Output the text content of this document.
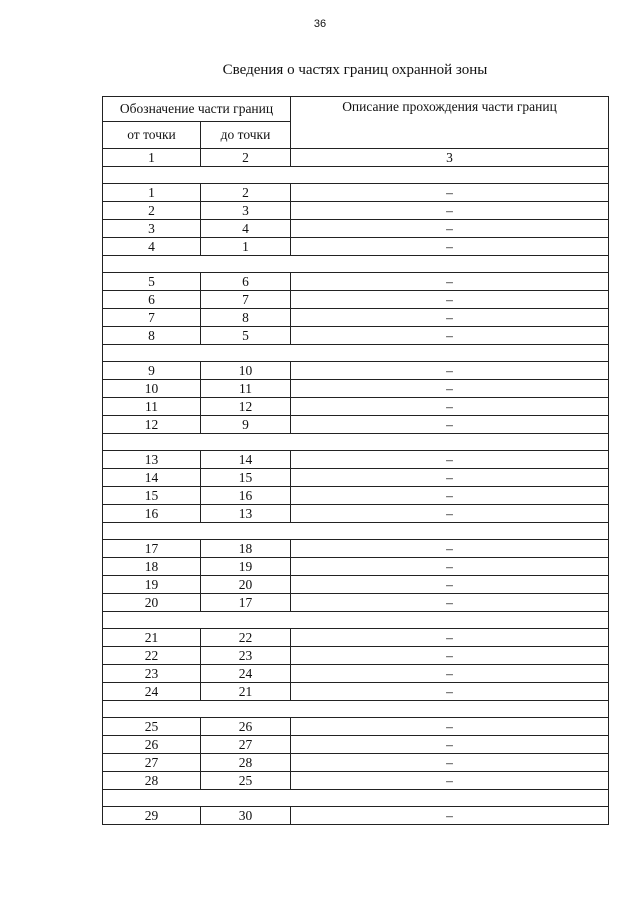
36
Сведения о частях границ охранной зоны
Обозначение части границ		Описание прохождения части границ
от точки	до точки	
1	2	3

1	2	–
2	3	–
3	4	–
4	1	–

5	6	–
6	7	–
7	8	–
8	5	–

9	10	–
10	11	–
11	12	–
12	9	–

13	14	–
14	15	–
15	16	–
16	13	–

17	18	–
18	19	–
19	20	–
20	17	–

21	22	–
22	23	–
23	24	–
24	21	–

25	26	–
26	27	–
27	28	–
28	25	–

29	30	–
